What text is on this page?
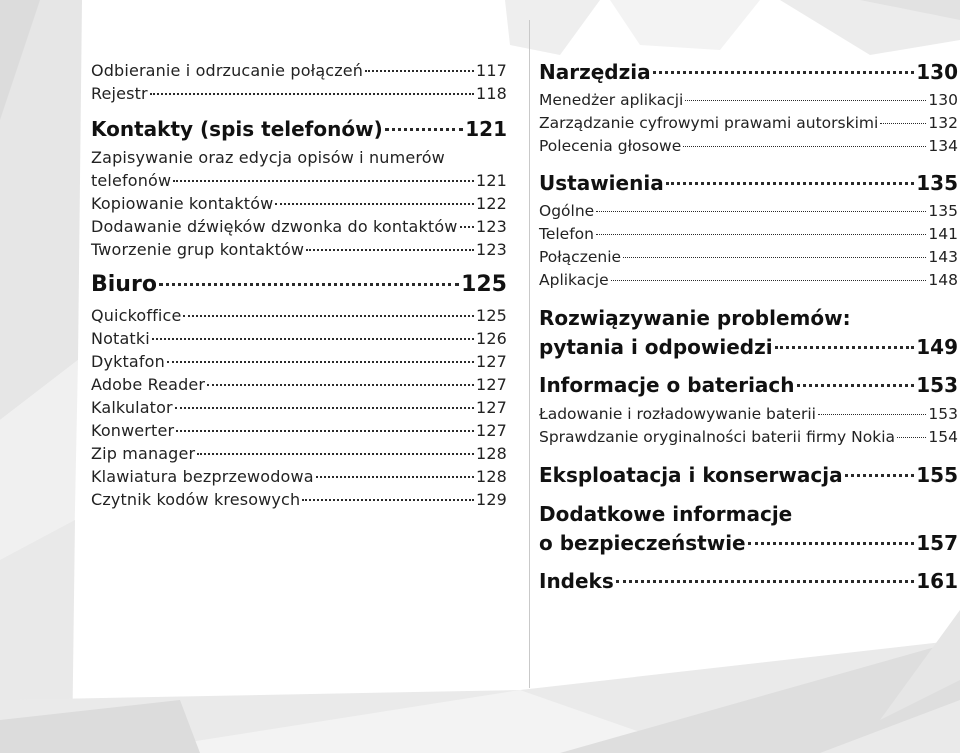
Odbieranie i odrzucanie połączeń	117
Rejestr	118
Kontakty (spis telefonów)	121
Zapisywanie oraz edycja opisów i numerów
telefonów	121
Kopiowanie kontaktów	122
Dodawanie dźwięków dzwonka do kontaktów 123
Tworzenie grup kontaktów	123
Biuro	125
Quickoffice	125
Notatki	126
Dyktafon	127
Adobe Reader	127
Kalkulator	127
Konwerter	127
Zip manager	128
Klawiatura bezprzewodowa	128
Czytnik kodów kresowych	129
Narzędzia	130
Menedżer aplikacji	130
Zarządzanie cyfrowymi prawami autorskimi	132
Polecenia głosowe	134
Ustawienia	135
Ogólne	135
Telefon	141
Połączenie	143
Aplikacje	148
Rozwiązywanie problemów:
pytania i odpowiedzi	149
Informacje o bateriach	153
Ładowanie i rozładowywanie baterii	153
Sprawdzanie oryginalności baterii firmy Nokia 154
Eksploatacja i konserwacja	155
Dodatkowe informacje
o bezpieczeństwie	157
Indeks	161
